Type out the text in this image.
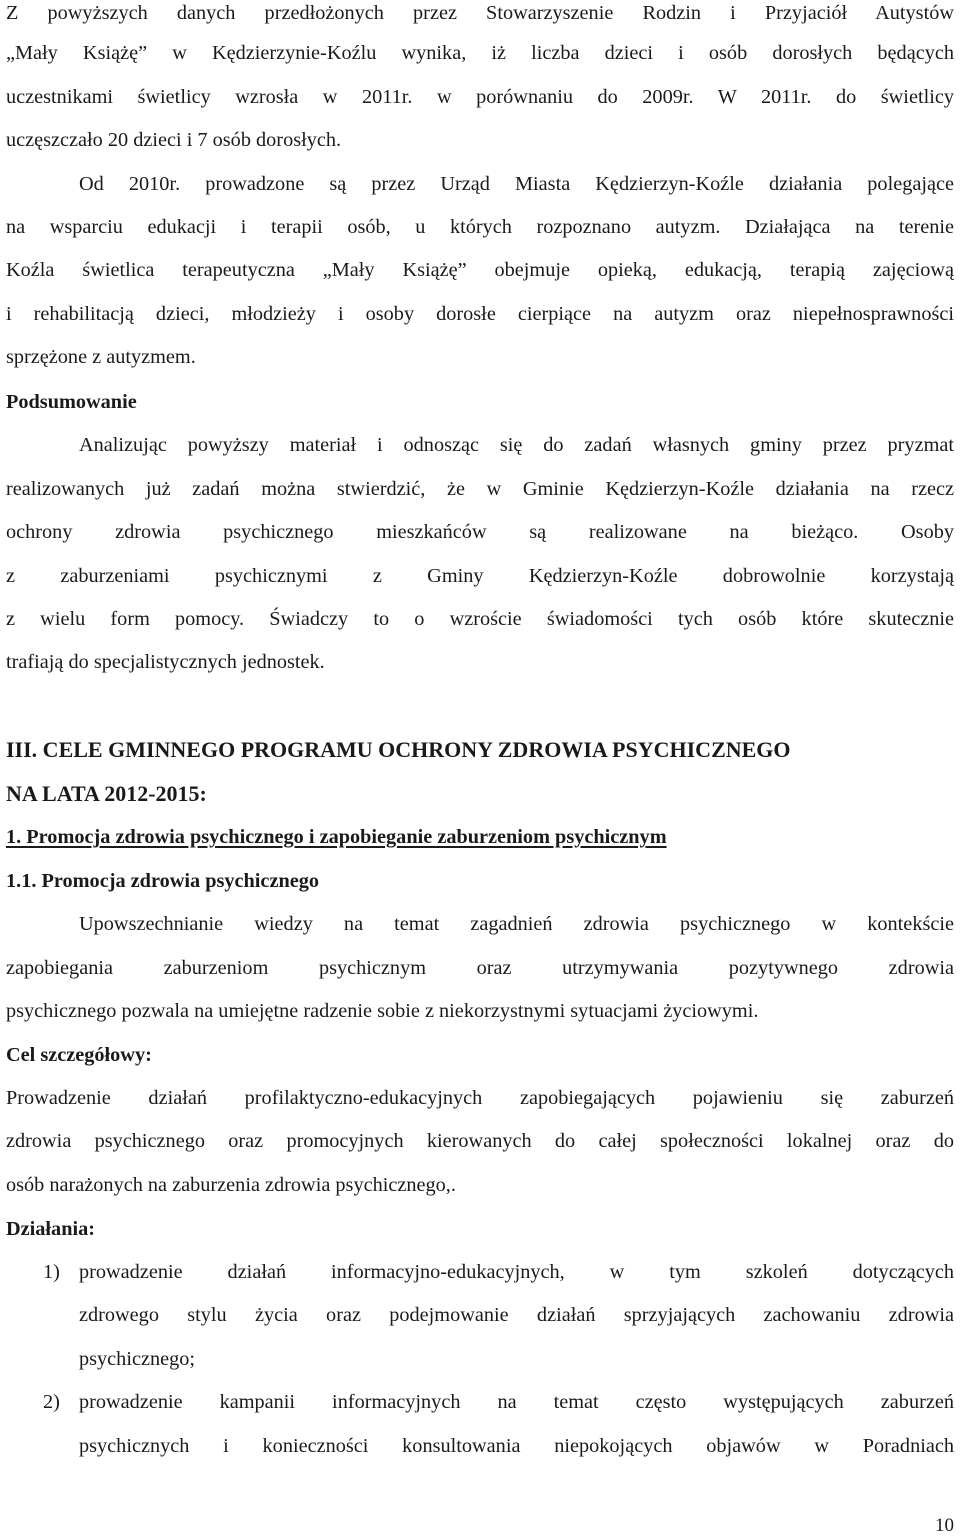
Z powyższych danych przedłożonych przez Stowarzyszenie Rodzin i Przyjaciół Autystów
„Mały Książę” w Kędzierzynie-Koźlu wynika, iż liczba dzieci i osób dorosłych będących
uczestnikami świetlicy wzrosła w 2011r. w porównaniu do 2009r. W 2011r. do świetlicy
uczęszczało 20 dzieci i 7 osób dorosłych.
Od 2010r. prowadzone są przez Urząd Miasta Kędzierzyn-Koźle działania polegające
na wsparciu edukacji i terapii osób, u których rozpoznano autyzm. Działająca na terenie
Koźla świetlica terapeutyczna „Mały Książę” obejmuje opieką, edukacją, terapią zajęciową
i rehabilitacją dzieci, młodzieży i osoby dorosłe cierpiące na autyzm oraz niepełnosprawności
sprzężone z autyzmem.
Podsumowanie
Analizując powyższy materiał i odnosząc się do zadań własnych gminy przez pryzmat
realizowanych już zadań można stwierdzić, że w Gminie Kędzierzyn-Koźle działania na rzecz
ochrony zdrowia psychicznego mieszkańców są realizowane na bieżąco. Osoby
z zaburzeniami psychicznymi z Gminy Kędzierzyn-Koźle dobrowolnie korzystają
z wielu form pomocy. Świadczy to o wzroście świadomości tych osób które skutecznie
trafiają do specjalistycznych jednostek.
III. CELE GMINNEGO PROGRAMU OCHRONY ZDROWIA PSYCHICZNEGO
NA LATA 2012-2015:
1. Promocja zdrowia psychicznego i zapobieganie zaburzeniom psychicznym
1.1. Promocja zdrowia psychicznego
Upowszechnianie wiedzy na temat zagadnień zdrowia psychicznego w kontekście
zapobiegania zaburzeniom psychicznym oraz utrzymywania pozytywnego zdrowia
psychicznego pozwala na umiejętne radzenie sobie z niekorzystnymi sytuacjami życiowymi.
Cel szczegółowy:
Prowadzenie działań profilaktyczno-edukacyjnych zapobiegających pojawieniu się zaburzeń
zdrowia psychicznego oraz promocyjnych kierowanych do całej społeczności lokalnej oraz do
osób narażonych na zaburzenia zdrowia psychicznego,.
Działania:
1) prowadzenie działań informacyjno-edukacyjnych, w tym szkoleń dotyczących
zdrowego stylu życia oraz podejmowanie działań sprzyjających zachowaniu zdrowia
psychicznego;
2) prowadzenie kampanii informacyjnych na temat często występujących zaburzeń
psychicznych i konieczności konsultowania niepokojących objawów w Poradniach
10
